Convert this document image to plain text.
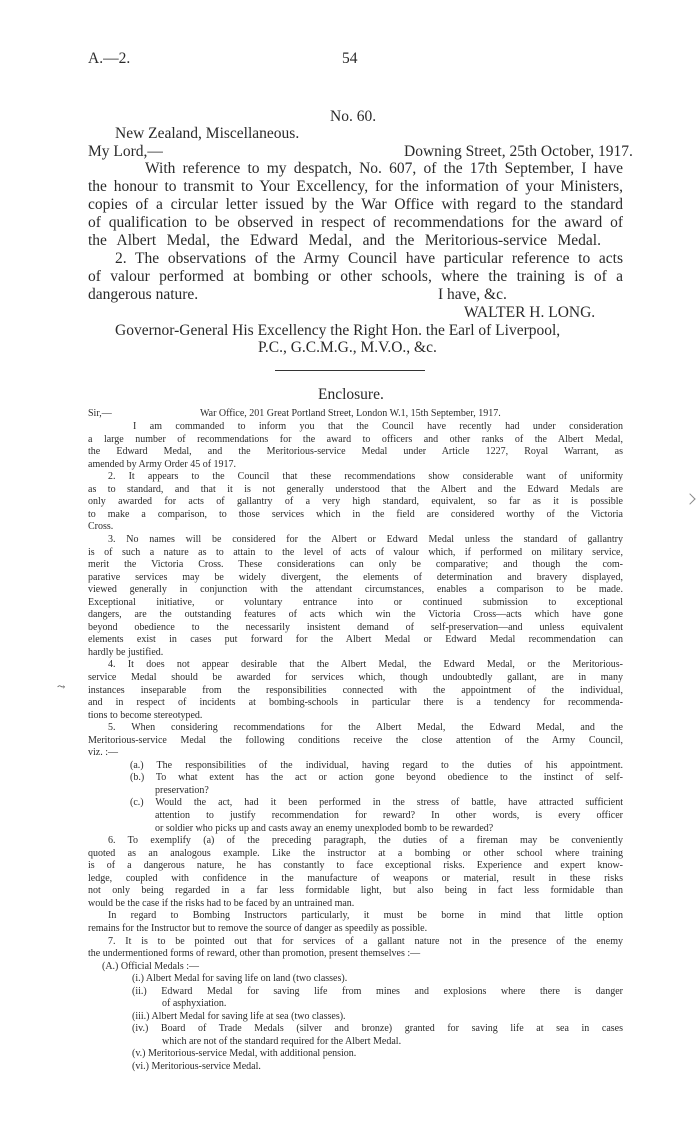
A.—2.	54
No. 60.
New Zealand, Miscellaneous.
My Lord,—	Downing Street, 25th October, 1917.
With reference to my despatch, No. 607, of the 17th September, I have
the honour to transmit to Your Excellency, for the information of your Ministers,
copies of a circular letter issued by the War Office with regard to the standard
of qualification to be observed in respect of recommendations for the award of
the Albert Medal, the Edward Medal, and the Meritorious-service Medal.
2. The observations of the Army Council have particular reference to acts
of valour performed at bombing or other schools, where the training is of a
dangerous nature.	I have, &c.
WALTER H. LONG.
Governor-General His Excellency the Right Hon. the Earl of Liverpool,
P.C., G.C.M.G., M.V.O., &c.
Enclosure.
Sir,—	War Office, 201 Great Portland Street, London W.1, 15th September, 1917.
I am commanded to inform you that the Council have recently had under consideration
a large number of recommendations for the award to officers and other ranks of the Albert Medal,
the Edward Medal, and the Meritorious-service Medal under Article 1227, Royal Warrant, as
amended by Army Order 45 of 1917.
2. It appears to the Council that these recommendations show considerable want of uniformity
as to standard, and that it is not generally understood that the Albert and the Edward Medals are
only awarded for acts of gallantry of a very high standard, equivalent, so far as it is possible
to make a comparison, to those services which in the field are considered worthy of the Victoria
Cross.
3. No names will be considered for the Albert or Edward Medal unless the standard of gallantry
is of such a nature as to attain to the level of acts of valour which, if performed on military service,
merit the Victoria Cross. These considerations can only be comparative; and though the com-
parative services may be widely divergent, the elements of determination and bravery displayed,
viewed generally in conjunction with the attendant circumstances, enables a comparison to be made.
Exceptional initiative, or voluntary entrance into or continued submission to exceptional
dangers, are the outstanding features of acts which win the Victoria Cross—acts which have gone
beyond obedience to the necessarily insistent demand of self-preservation—and unless equivalent
elements exist in cases put forward for the Albert Medal or Edward Medal recommendation can
hardly be justified.
4. It does not appear desirable that the Albert Medal, the Edward Medal, or the Meritorious-
service Medal should be awarded for services which, though undoubtedly gallant, are in many
instances inseparable from the responsibilities connected with the appointment of the individual,
and in respect of incidents at bombing-schools in particular there is a tendency for recommenda-
tions to become stereotyped.
5. When considering recommendations for the Albert Medal, the Edward Medal, and the
Meritorious-service Medal the following conditions receive the close attention of the Army Council,
viz. :—
(a.) The responsibilities of the individual, having regard to the duties of his appointment.
(b.) To what extent has the act or action gone beyond obedience to the instinct of self-
preservation?
(c.) Would the act, had it been performed in the stress of battle, have attracted sufficient
attention to justify recommendation for reward? In other words, is every officer
or soldier who picks up and casts away an enemy unexploded bomb to be rewarded?
6. To exemplify (a) of the preceding paragraph, the duties of a fireman may be conveniently
quoted as an analogous example. Like the instructor at a bombing or other school where training
is of a dangerous nature, he has constantly to face exceptional risks. Experience and expert know-
ledge, coupled with confidence in the manufacture of weapons or material, result in these risks
not only being regarded in a far less formidable light, but also being in fact less formidable than
would be the case if the risks had to be faced by an untrained man.
In regard to Bombing Instructors particularly, it must be borne in mind that little option
remains for the Instructor but to remove the source of danger as speedily as possible.
7. It is to be pointed out that for services of a gallant nature not in the presence of the enemy
the undermentioned forms of reward, other than promotion, present themselves :—
(A.) Official Medals :—
(i.) Albert Medal for saving life on land (two classes).
(ii.) Edward Medal for saving life from mines and explosions where there is danger
of asphyxiation.
(iii.) Albert Medal for saving life at sea (two classes).
(iv.) Board of Trade Medals (silver and bronze) granted for saving life at sea in cases
which are not of the standard required for the Albert Medal.
(v.) Meritorious-service Medal, with additional pension.
(vi.) Meritorious-service Medal.
⤳
